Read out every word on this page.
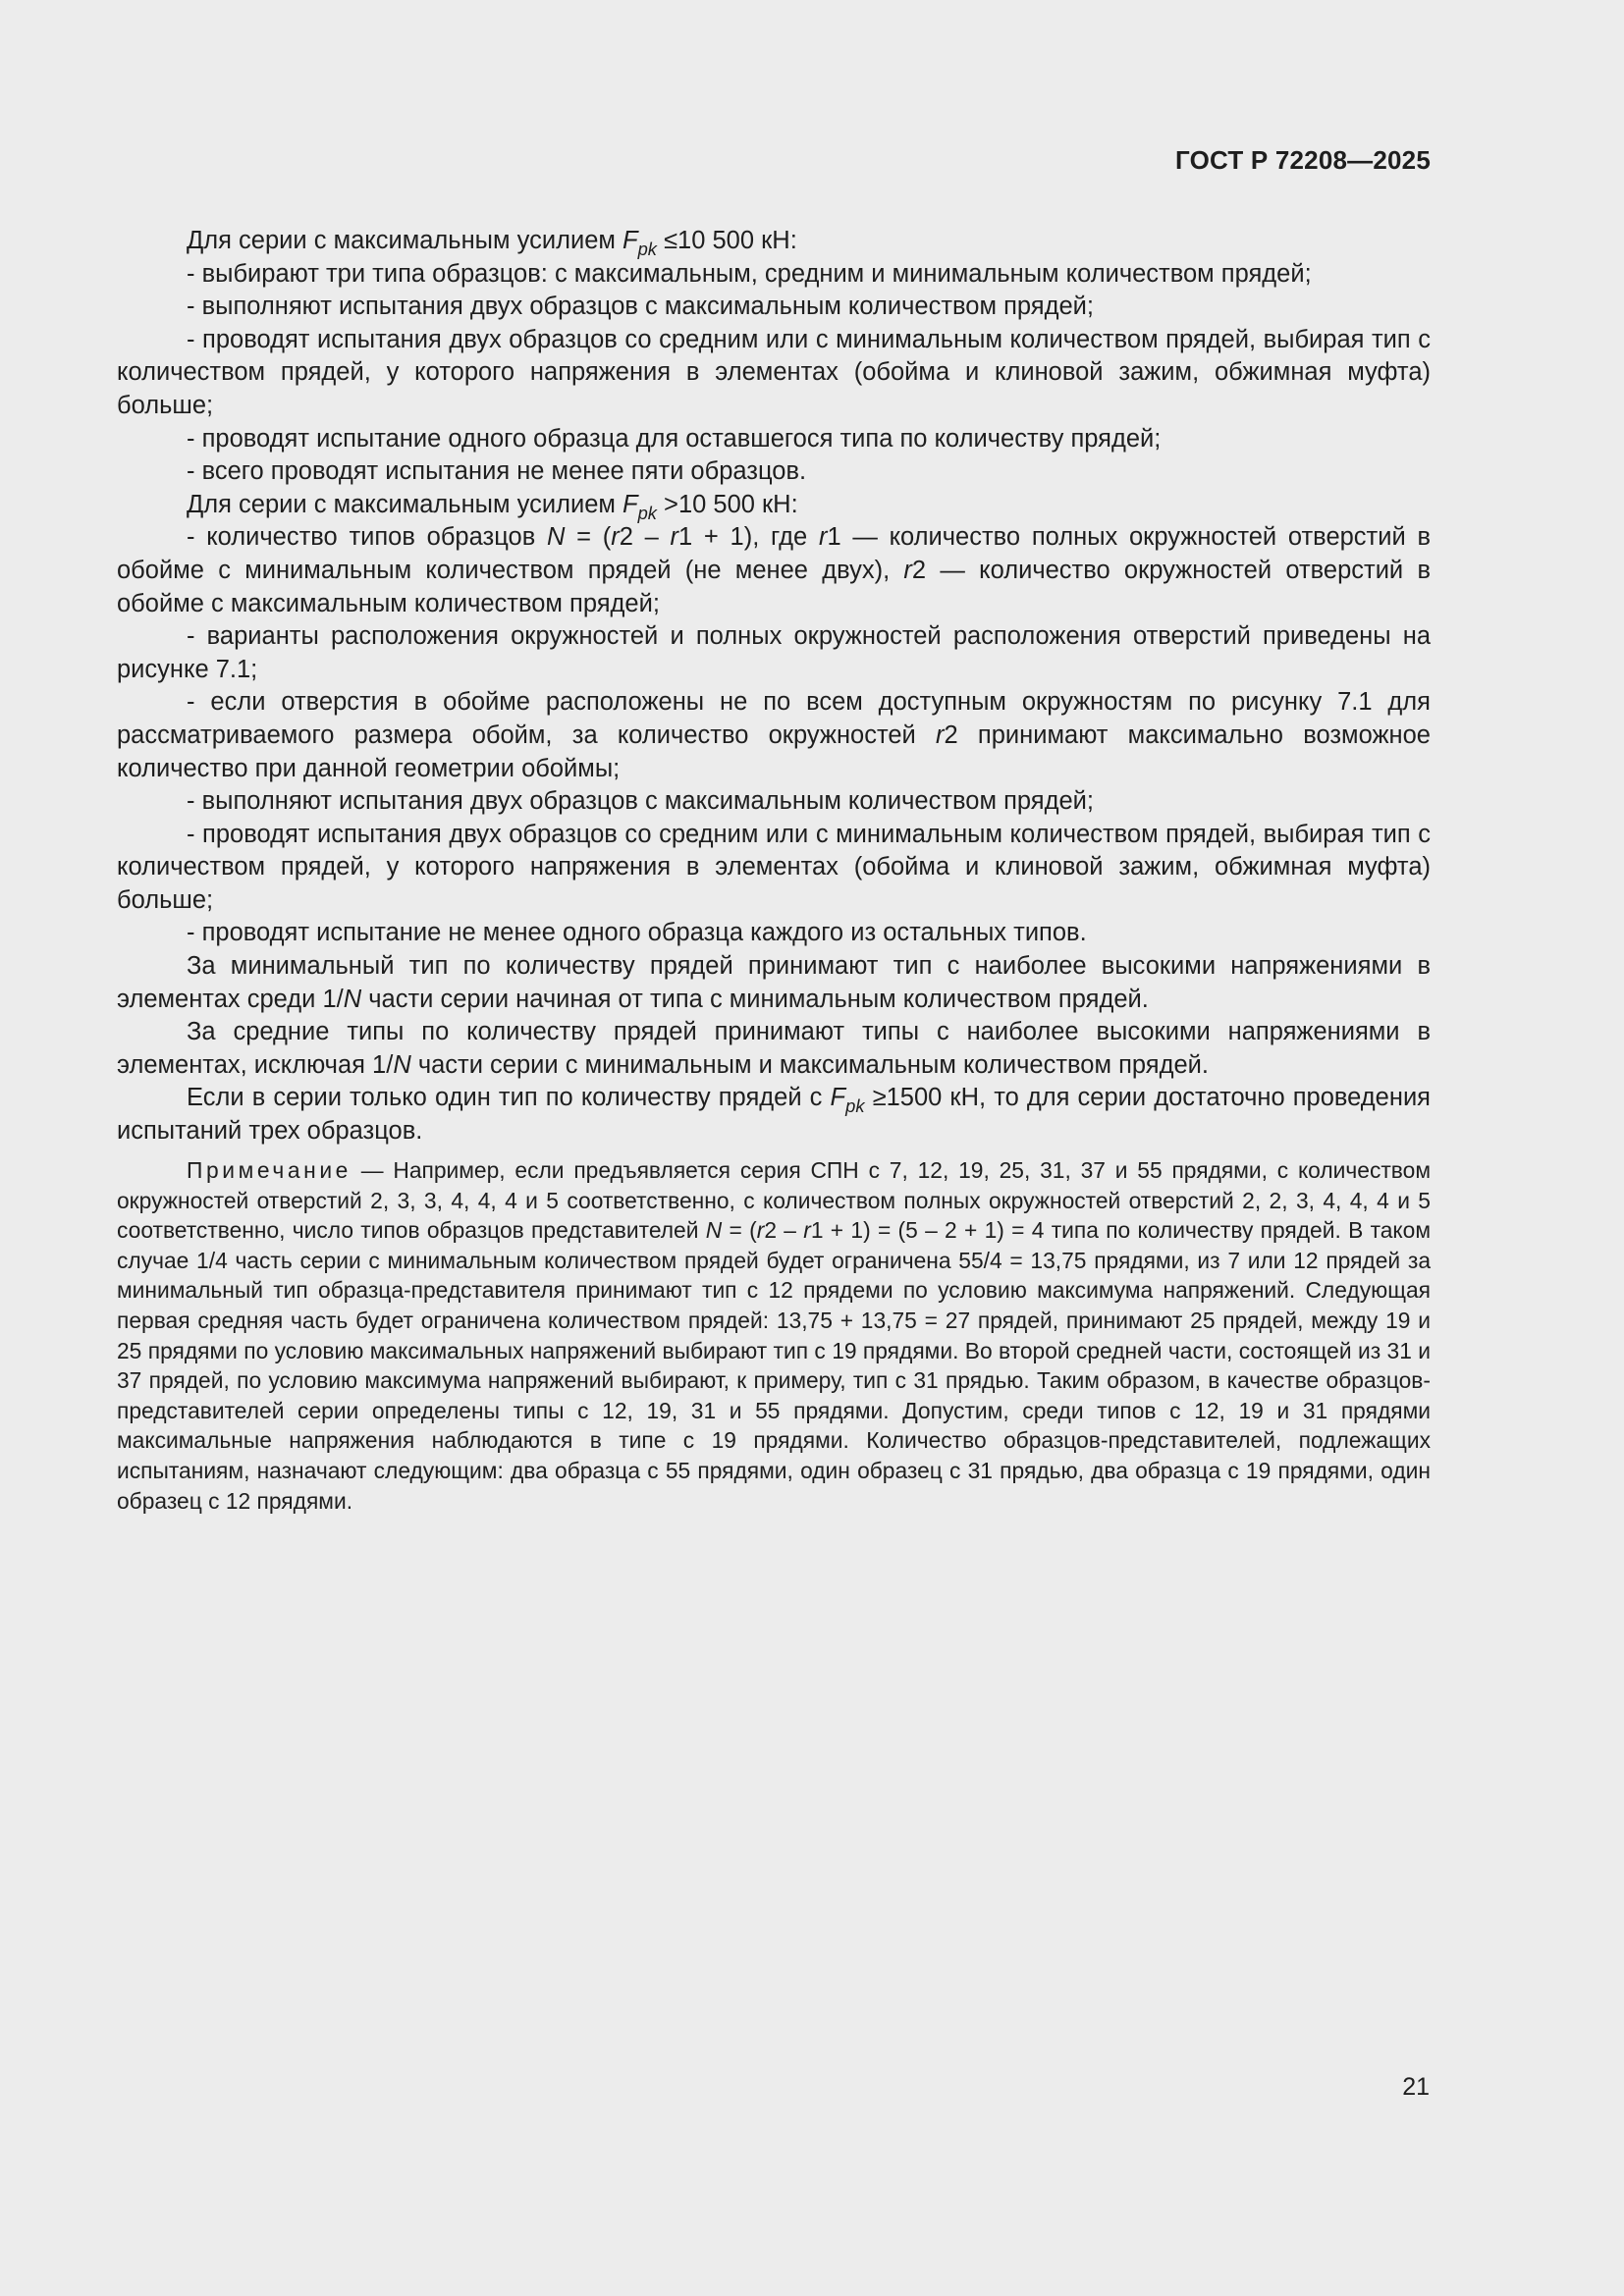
ГОСТ Р 72208—2025

Для серии с максимальным усилием $F_{pk} \le 10$ 500 кН:

- выбирают три типа образцов: с максимальным, средним и минимальным количеством прядей;

- выполняют испытания двух образцов с максимальным количеством прядей;

- проводят испытания двух образцов со средним или с минимальным количеством прядей, выбирая тип с количеством прядей, у которого напряжения в элементах (обойма и клиновой зажим, обжимная муфта) больше;

- проводят испытание одного образца для оставшегося типа по количеству прядей;

- всего проводят испытания не менее пяти образцов.

Для серии с максимальным усилием $F_{pk} >10$ 500 кН:

- количество типов образцов N = (r2 – r1 + 1), где r1 — количество полных окружностей отверстий в обойме с минимальным количеством прядей (не менее двух), r2 — количество окружностей отверстий в обойме с максимальным количеством прядей;

- варианты расположения окружностей и полных окружностей расположения отверстий приведены на рисунке 7.1;

- если отверстия в обойме расположены не по всем доступным окружностям по рисунку 7.1 для рассматриваемого размера обойм, за количество окружностей r2 принимают максимально возможное количество при данной геометрии обоймы;

- выполняют испытания двух образцов с максимальным количеством прядей;

- проводят испытания двух образцов со средним или с минимальным количеством прядей, выбирая тип с количеством прядей, у которого напряжения в элементах (обойма и клиновой зажим, обжимная муфта) больше;

- проводят испытание не менее одного образца каждого из остальных типов.

За минимальный тип по количеству прядей принимают тип с наиболее высокими напряжениями в элементах среди 1/N части серии начиная от типа с минимальным количеством прядей.

За средние типы по количеству прядей принимают типы с наиболее высокими напряжениями в элементах, исключая 1/N части серии с минимальным и максимальным количеством прядей.

Если в серии только один тип по количеству прядей с $F_{pk} \ge 1500$ кН, то для серии достаточно проведения испытаний трех образцов.

Примечание — Например, если предъявляется серия СПН с 7, 12, 19, 25, 31, 37 и 55 прядями, с количеством окружностей отверстий 2, 3, 3, 4, 4, 4 и 5 соответственно, с количеством полных окружностей отверстий 2, 2, 3, 4, 4, 4 и 5 соответственно, число типов образцов представителей N = (r2 – r1 + 1) = (5 – 2 + 1) = 4 типа по количеству прядей. В таком случае 1/4 часть серии с минимальным количеством прядей будет ограничена 55/4 = 13,75 прядями, из 7 или 12 прядей за минимальный тип образца-представителя принимают тип с 12 прядеми по условию максимума напряжений. Следующая первая средняя часть будет ограничена количеством прядей: 13,75 + 13,75 = 27 прядей, принимают 25 прядей, между 19 и 25 прядями по условию максимальных напряжений выбирают тип с 19 прядями. Во второй средней части, состоящей из 31 и 37 прядей, по условию максимума напряжений выбирают, к примеру, тип с 31 прядью. Таким образом, в качестве образцов-представителей серии определены типы с 12, 19, 31 и 55 прядями. Допустим, среди типов с 12, 19 и 31 прядями максимальные напряжения наблюдаются в типе с 19 прядями. Количество образцов-представителей, подлежащих испытаниям, назначают следующим: два образца с 55 прядями, один образец с 31 прядью, два образца с 19 прядями, один образец с 12 прядями.

21
